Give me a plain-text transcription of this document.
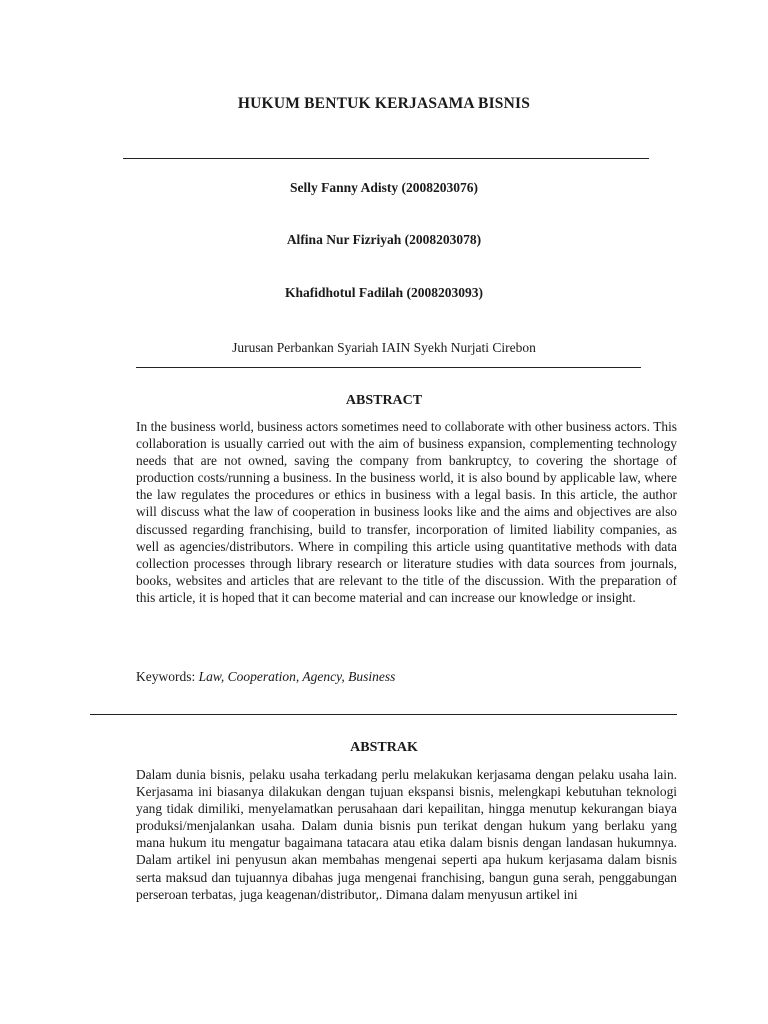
HUKUM BENTUK KERJASAMA BISNIS
Selly Fanny Adisty (2008203076)
Alfina Nur Fizriyah (2008203078)
Khafidhotul Fadilah (2008203093)
Jurusan Perbankan Syariah IAIN Syekh Nurjati Cirebon
ABSTRACT

In the business world, business actors sometimes need to collaborate with other business actors. This collaboration is usually carried out with the aim of business expansion, complementing technology needs that are not owned, saving the company from bankruptcy, to covering the shortage of production costs/running a business. In the business world, it is also bound by applicable law, where the law regulates the procedures or ethics in business with a legal basis. In this article, the author will discuss what the law of cooperation in business looks like and the aims and objectives are also discussed regarding franchising, build to transfer, incorporation of limited liability companies, as well as agencies/distributors. Where in compiling this article using quantitative methods with data collection processes through library research or literature studies with data sources from journals, books, websites and articles that are relevant to the title of the discussion. With the preparation of this article, it is hoped that it can become material and can increase our knowledge or insight.

Keywords: Law, Cooperation, Agency, Business
ABSTRAK

Dalam dunia bisnis, pelaku usaha terkadang perlu melakukan kerjasama dengan pelaku usaha lain. Kerjasama ini biasanya dilakukan dengan tujuan ekspansi bisnis, melengkapi kebutuhan teknologi yang tidak dimiliki, menyelamatkan perusahaan dari kepailitan, hingga menutup kekurangan biaya produksi/menjalankan usaha. Dalam dunia bisnis pun terikat dengan hukum yang berlaku yang mana hukum itu mengatur bagaimana tatacara atau etika dalam bisnis dengan landasan hukumnya. Dalam artikel ini penyusun akan membahas mengenai seperti apa hukum kerjasama dalam bisnis serta maksud dan tujuannya dibahas juga mengenai franchising, bangun guna serah, penggabungan perseroan terbatas, juga keagenan/distributor,. Dimana dalam menyusun artikel ini
